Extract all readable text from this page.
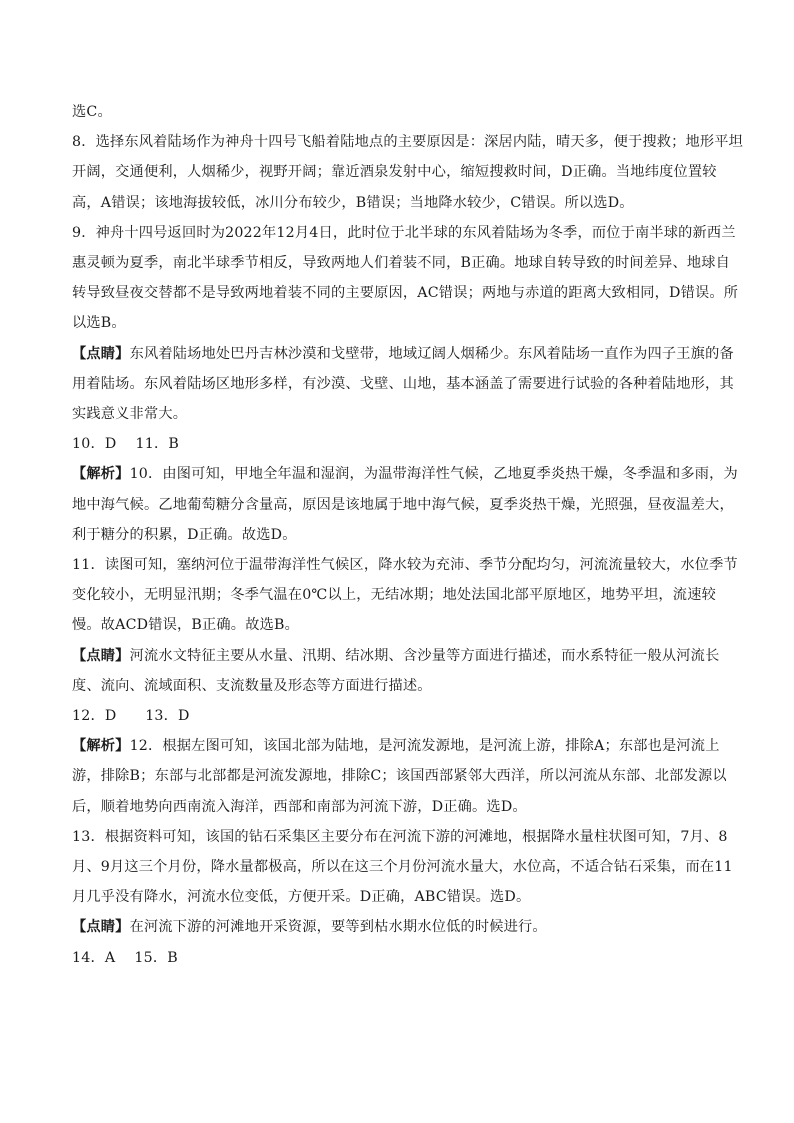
选C。

8．选择东风着陆场作为神舟十四号飞船着陆地点的主要原因是：深居内陆，晴天多，便于搜救；地形平坦开阔，交通便利，人烟稀少，视野开阔；靠近酒泉发射中心，缩短搜救时间，D正确。当地纬度位置较高，A错误；该地海拔较低，冰川分布较少，B错误；当地降水较少，C错误。所以选D。

9．神舟十四号返回时为2022年12月4日，此时位于北半球的东风着陆场为冬季，而位于南半球的新西兰惠灵顿为夏季，南北半球季节相反，导致两地人们着装不同，B正确。地球自转导致的时间差异、地球自转导致昼夜交替都不是导致两地着装不同的主要原因，AC错误；两地与赤道的距离大致相同，D错误。所以选B。

【点睛】东风着陆场地处巴丹吉林沙漠和戈壁带，地域辽阔人烟稀少。东风着陆场一直作为四子王旗的备用着陆场。东风着陆场区地形多样，有沙漠、戈壁、山地，基本涵盖了需要进行试验的各种着陆地形，其实践意义非常大。

10．D　 11．B

【解析】10．由图可知，甲地全年温和湿润，为温带海洋性气候，乙地夏季炎热干燥，冬季温和多雨，为地中海气候。乙地葡萄糖分含量高，原因是该地属于地中海气候，夏季炎热干燥，光照强，昼夜温差大，利于糖分的积累，D正确。故选D。

11．读图可知，塞纳河位于温带海洋性气候区，降水较为充沛、季节分配均匀，河流流量较大，水位季节变化较小，无明显汛期；冬季气温在0℃以上，无结冰期；地处法国北部平原地区，地势平坦，流速较慢。故ACD错误，B正确。故选B。

【点睛】河流水文特征主要从水量、汛期、结冰期、含沙量等方面进行描述，而水系特征一般从河流长度、流向、流域面积、支流数量及形态等方面进行描述。

12．D　　13．D

【解析】12．根据左图可知，该国北部为陆地，是河流发源地，是河流上游，排除A；东部也是河流上游，排除B；东部与北部都是河流发源地，排除C；该国西部紧邻大西洋，所以河流从东部、北部发源以后，顺着地势向西南流入海洋，西部和南部为河流下游，D正确。选D。

13．根据资料可知，该国的钻石采集区主要分布在河流下游的河滩地，根据降水量柱状图可知，7月、8月、9月这三个月份，降水量都极高，所以在这三个月份河流水量大，水位高，不适合钻石采集，而在11月几乎没有降水，河流水位变低，方便开采。D正确，ABC错误。选D。

【点睛】在河流下游的河滩地开采资源，要等到枯水期水位低的时候进行。

14．A　 15．B
